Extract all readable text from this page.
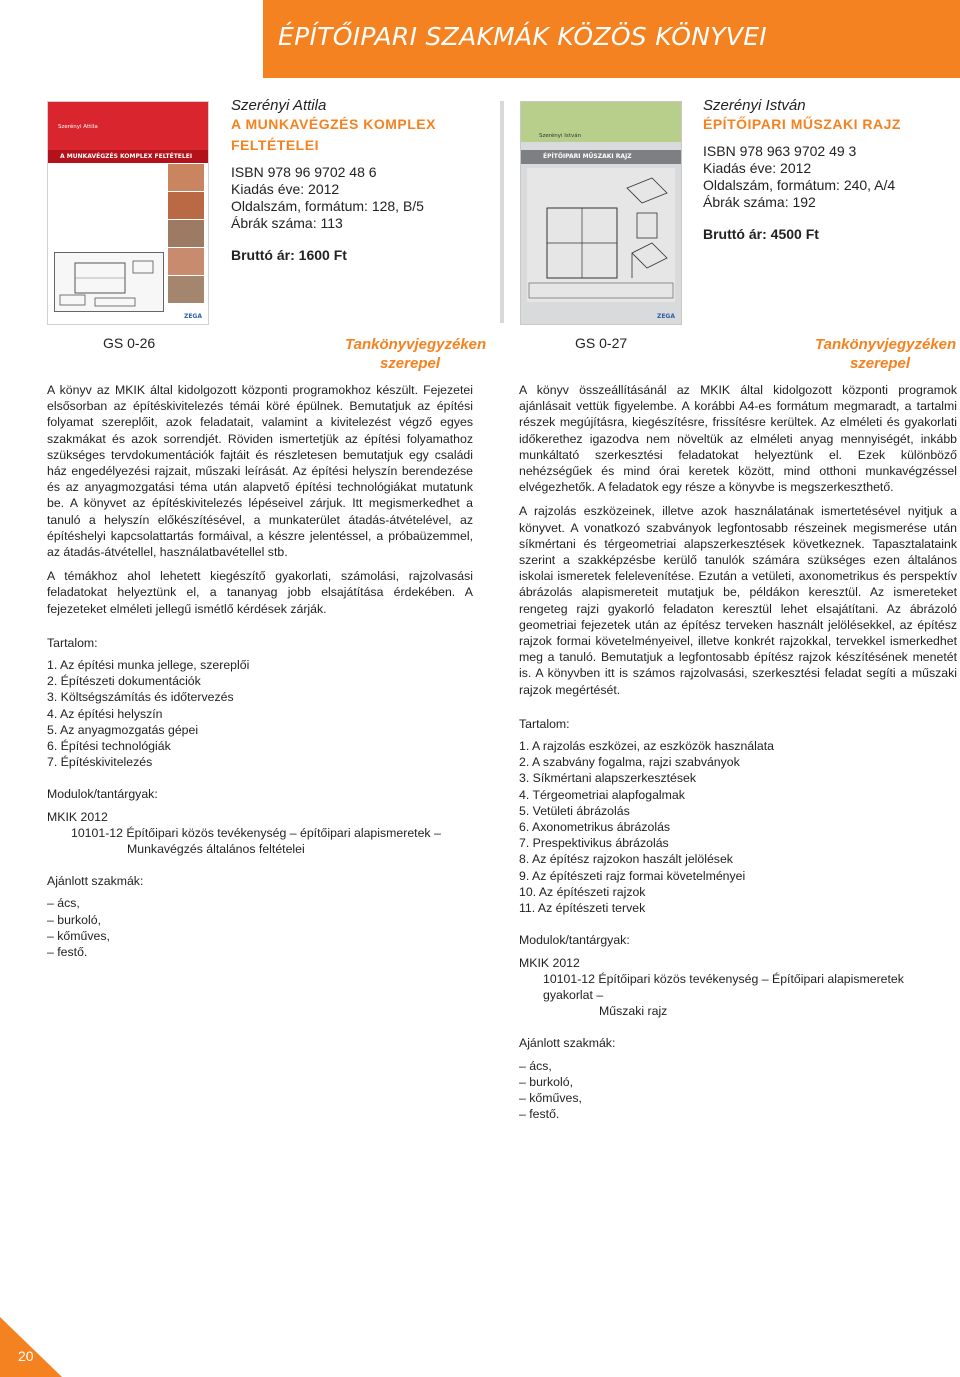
ÉPÍTŐIPARI SZAKMÁK KÖZÖS KÖNYVEI
Szerényi Attila
A MUNKAVÉGZÉS KOMPLEX FELTÉTELEI
ZEGA
Szerényi István
ÉPÍTŐIPARI MŰSZAKI RAJZ
ZEGA
Szerényi Attila
A MUNKAVÉGZÉS KOMPLEX
FELTÉTELEI
ISBN 978 96 9702 48 6
Kiadás éve: 2012
Oldalszám, formátum: 128, B/5
Ábrák száma: 113
Bruttó ár: 1600 Ft
Szerényi István
ÉPÍTŐIPARI MŰSZAKI RAJZ
ISBN 978 963 9702 49 3
Kiadás éve: 2012
Oldalszám, formátum: 240, A/4
Ábrák száma: 192
Bruttó ár: 4500 Ft
GS 0-26	Tankönyvjegyzéken
szerepel
GS 0-27	Tankönyvjegyzéken
szerepel

A könyv az MKIK által kidolgozott központi programokhoz készült. Fejezetei elsősorban az építéskivitelezés témái köré épülnek. Bemutatjuk az építési folyamat szereplőit, azok feladatait, valamint a kivitelezést végző egyes szakmákat és azok sorrendjét. Röviden ismertetjük az építési folyamathoz szükséges tervdokumentációk fajtáit és részletesen bemutatjuk egy családi ház engedélyezési rajzait, műszaki leírását. Az építési helyszín berendezése és az anyagmozgatási téma után alapvető építési technológiákat mutatunk be. A könyvet az építéskivitelezés lépéseivel zárjuk. Itt megismerkedhet a tanuló a helyszín előkészítésével, a munkaterület átadás-átvételével, az építéshelyi kapcsolattartás formáival, a készre jelentéssel, a próbaüzemmel, az átadás-átvétellel, használatbavétellel stb.

A témákhoz ahol lehetett kiegészítő gyakorlati, számolási, rajzolvasási feladatokat helyeztünk el, a tananyag jobb elsajátítása érdekében. A fejezeteket elméleti jellegű ismétlő kérdések zárják.

Tartalom:
1. Az építési munka jellege, szereplői
2. Építészeti dokumentációk
3. Költségszámítás és időtervezés
4. Az építési helyszín
5. Az anyagmozgatás gépei
6. Építési technológiák
7. Építéskivitelezés
Modulok/tantárgyak:
MKIK 2012
10101-12 Építőipari közös tevékenység – építőipari alapismeretek –
Munkavégzés általános feltételei
Ajánlott szakmák:
– ács,
– burkoló,
– kőműves,
– festő.

A könyv összeállításánál az MKIK által kidolgozott központi programok ajánlásait vettük figyelembe. A korábbi A4-es formátum megmaradt, a tartalmi részek megújításra, kiegészítésre, frissítésre kerültek. Az elméleti és gyakorlati időkerethez igazodva nem növeltük az elméleti anyag mennyiségét, inkább munkáltató szerkesztési feladatokat helyeztünk el. Ezek különböző nehézségűek és mind órai keretek között, mind otthoni munkavégzéssel elvégezhetők. A feladatok egy része a könyvbe is megszerkeszthető.

A rajzolás eszközeinek, illetve azok használatának ismertetésével nyitjuk a könyvet. A vonatkozó szabványok legfontosabb részeinek megismerése után síkmértani és térgeometriai alapszerkesztések következnek. Tapasztalataink szerint a szakképzésbe kerülő tanulók számára szükséges ezen általános iskolai ismeretek felelevenítése. Ezután a vetületi, axonometrikus és perspektív ábrázolás alapismereteit mutatjuk be, példákon keresztül. Az ismereteket rengeteg rajzi gyakorló feladaton keresztül lehet elsajátítani. Az ábrázoló geometriai fejezetek után az építész terveken használt jelölésekkel, az építész rajzok formai követelményeivel, illetve konkrét rajzokkal, tervekkel ismerkedhet meg a tanuló. Bemutatjuk a legfontosabb építész rajzok készítésének menetét is. A könyvben itt is számos rajzolvasási, szerkesztési feladat segíti a műszaki rajzok megértését.

Tartalom:
1. A rajzolás eszközei, az eszközök használata
2. A szabvány fogalma, rajzi szabványok
3. Síkmértani alapszerkesztések
4. Térgeometriai alapfogalmak
5. Vetületi ábrázolás
6. Axonometrikus ábrázolás
7. Prespektivikus ábrázolás
8. Az építész rajzokon haszált jelölések
9. Az építészeti rajz formai követelményei
10. Az építészeti rajzok
11. Az építészeti tervek
Modulok/tantárgyak:
MKIK 2012
10101-12 Építőipari közös tevékenység – Építőipari alapismeretek gyakorlat –
Műszaki rajz
Ajánlott szakmák:
– ács,
– burkoló,
– kőműves,
– festő.
20
